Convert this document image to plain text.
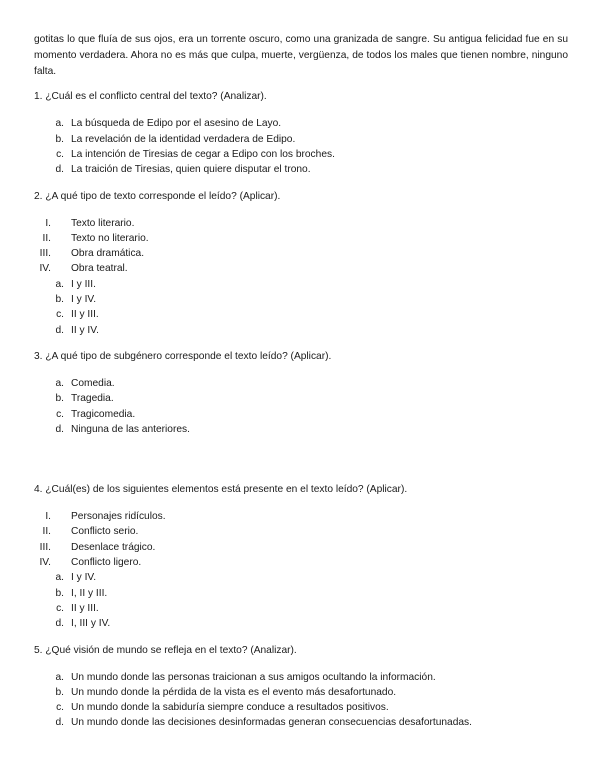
gotitas lo que fluía de sus ojos, era un torrente oscuro, como una granizada de sangre. Su antigua felicidad fue en su momento verdadera. Ahora no es más que culpa, muerte, vergüenza, de todos los males que tienen nombre, ninguno falta.

1. ¿Cuál es el conflicto central del texto? (Analizar).

a. La búsqueda de Edipo por el asesino de Layo.
b. La revelación de la identidad verdadera de Edipo.
c. La intención de Tiresias de cegar a Edipo con los broches.
d. La traición de Tiresias, quien quiere disputar el trono.

2. ¿A qué tipo de texto corresponde el leído? (Aplicar).

I. Texto literario.
II. Texto no literario.
III. Obra dramática.
IV. Obra teatral.
a. I y III.
b. I y IV.
c. II y III.
d. II y IV.

3. ¿A qué tipo de subgénero corresponde el texto leído? (Aplicar).

a. Comedia.
b. Tragedia.
c. Tragicomedia.
d. Ninguna de las anteriores.

4. ¿Cuál(es) de los siguientes elementos está presente en el texto leído? (Aplicar).

I. Personajes ridículos.
II. Conflicto serio.
III. Desenlace trágico.
IV. Conflicto ligero.
a. I y IV.
b. I, II y III.
c. II y III.
d. I, III y IV.

5. ¿Qué visión de mundo se refleja en el texto? (Analizar).

a. Un mundo donde las personas traicionan a sus amigos ocultando la información.
b. Un mundo donde la pérdida de la vista es el evento más desafortunado.
c. Un mundo donde la sabiduría siempre conduce a resultados positivos.
d. Un mundo donde las decisiones desinformadas generan consecuencias desafortunadas.
